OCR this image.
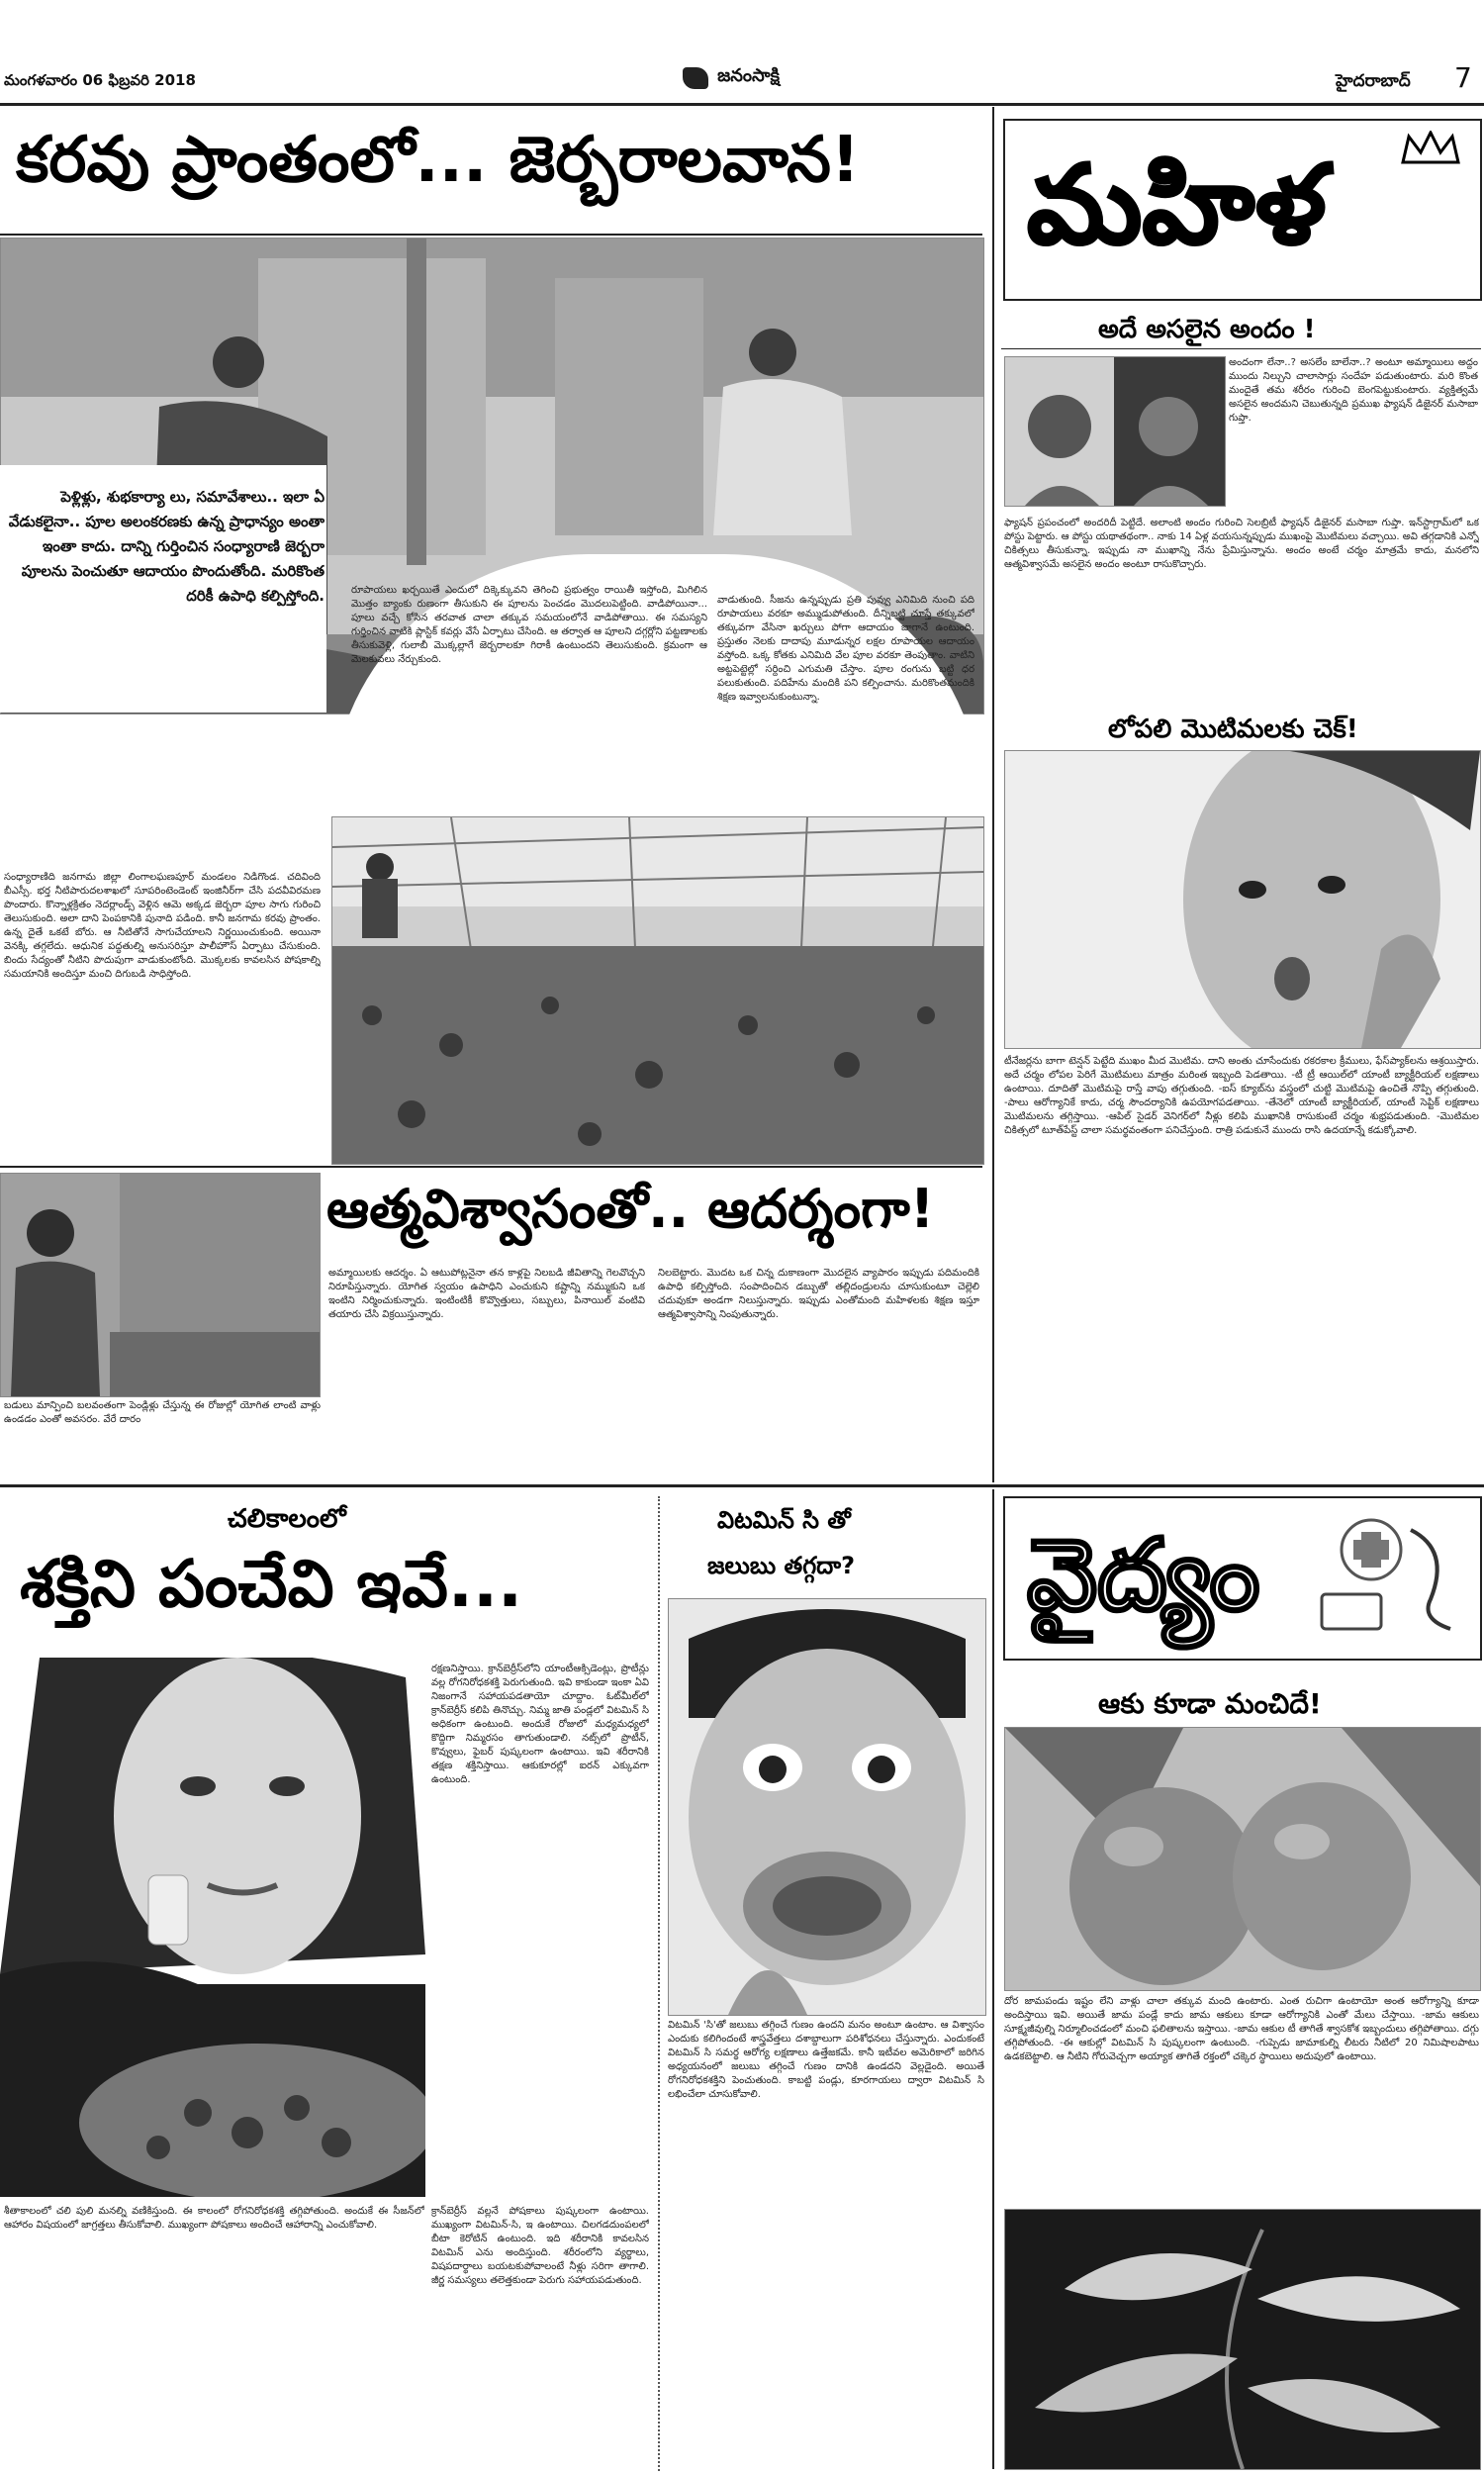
మంగళవారం 06 ఫిబ్రవరి 2018	జనంసాక్షి	హైదరాబాద్ 7
కరవు ప్రాంతంలో... జెర్బరాలవాన!
పెళ్లిళ్లు, శుభకార్యా లు, సమావేశాలు.. ఇలా ఏ వేడుకలైనా.. పూల అలంకరణకు ఉన్న ప్రాధాన్యం అంతా ఇంతా కాదు. దాన్ని గుర్తించిన సంధ్యారాణి జెర్బరా పూలను పెంచుతూ ఆదాయం పొందుతోంది. మరికొంత దరికీ ఉపాధి కల్పిస్తోంది.	రూపాయలు ఖర్చయితే ఎందులో దిక్కెక్కువని తెగించి ప్రభుత్వం రాయితీ ఇస్తోంది, మిగిలిన మొత్తం బ్యాంకు రుణంగా తీసుకుని ఈ పూలను పెంచడం మొదలుపెట్టింది. వాడిపోయినా... పూలు వచ్చే కోసిన తరవాత చాలా తక్కువ సమయంలోనే వాడిపోతాయి. ఈ సమస్యని గుర్తించిన వాటికి ప్లాస్టిక్ కవర్లు వేసే ఏర్పాటు చేసింది. ఆ తర్వాత ఆ పూలని దగ్గర్లోని పట్టణాలకు తీసుకువెళ్లి, గులాబీ మొక్కల్లాగే జెర్బరాలకూ గిరాకీ ఉంటుందని తెలుసుకుంది. క్రమంగా ఆ మెలకువలు నేర్చుకుంది.
వాడుతుంది. సీజను ఉన్నప్పుడు ప్రతి పువ్వు ఎనిమిది నుంచి పది రూపాయలు వరకూ అమ్ముడుపోతుంది. దీన్నిబట్టి చూస్తే తక్కువలో తక్కువగా వేసినా ఖర్చులు పోగా ఆదాయం బాగానే ఉంటుంది. ప్రస్తుతం నెలకు దాదాపు మూడున్నర లక్షల రూపాయల ఆదాయం వస్తోంది. ఒక్క కోతకు ఎనిమిది వేల పూల వరకూ తెంపుతాం. వాటిని అట్టపెట్టెల్లో సర్దించి ఎగుమతి చేస్తాం. పూల రంగును బట్టి ధర పలుకుతుంది. పదిహేను మందికి పని కల్పించాను. మరికొంతమందికి శిక్షణ ఇవ్వాలనుకుంటున్నా.
సంధ్యారాణిది జనగామ జిల్లా లింగాలఘణపూర్ మండలం నిడిగొండ. చదివింది బీఎస్సీ. భర్త నీటిపారుదలశాఖలో సూపరింటెండెంట్ ఇంజినీర్‌గా చేసి పదవీవిరమణ పొందారు. కొన్నాళ్లక్రితం నెదర్లాండ్స్ వెళ్లిన ఆమె అక్కడ జెర్బరా పూల సాగు గురించి తెలుసుకుంది. అలా దాని పెంపకానికి పునాది పడింది. కానీ జనగామ కరవు ప్రాంతం. ఉన్న దైతే ఒకటే బోరు. ఆ నీటితోనే సాగుచేయాలని నిర్ణయించుకుంది. అయినా వెనక్కి తగ్గలేదు. ఆధునిక పద్ధతుల్ని అనుసరిస్తూ పాలీహౌస్ ఏర్పాటు చేసుకుంది. బిందు సేద్యంతో నీటిని పొదుపుగా వాడుకుంటోంది. మొక్కలకు కావలసిన పోషకాల్ని సమయానికి అందిస్తూ మంచి దిగుబడి సాధిస్తోంది.
ఆత్మవిశ్వాసంతో.. ఆదర్శంగా!
అమ్మాయిలకు ఆదర్శం. ఏ ఆటుపోట్లనైనా తన కాళ్లపై నిలబడి జీవితాన్ని గెలవొచ్చని నిరూపిస్తున్నారు. యోగిత స్వయం ఉపాధిని ఎంచుకుని కష్టాన్ని నమ్ముకుని ఒక ఇంటిని నిర్మించుకున్నారు. ఇంటింటికీ కొవ్వొత్తులు, సబ్బులు, పినాయిల్ వంటివి తయారు చేసి విక్రయిస్తున్నారు.
నిలబెట్టారు. మొదట ఒక చిన్న దుకాణంగా మొదలైన వ్యాపారం ఇప్పుడు పదిమందికి ఉపాధి కల్పిస్తోంది. సంపాదించిన డబ్బుతో తల్లిదండ్రులను చూసుకుంటూ చెల్లెలి చదువుకూ అండగా నిలుస్తున్నారు. ఇప్పుడు ఎంతోమంది మహిళలకు శిక్షణ ఇస్తూ ఆత్మవిశ్వాసాన్ని నింపుతున్నారు.
బడులు మాన్పించి బలవంతంగా పెండ్లిళ్లు చేస్తున్న ఈ రోజుల్లో యోగిత లాంటి వాళ్లు ఉండడం ఎంతో అవసరం. వేరే దారం
మహిళ
అదే అసలైన అందం !
అందంగా లేనా..? అసలేం బాలేనా..? అంటూ అమ్మాయిలు అద్దం ముందు నిల్చుని చాలాసార్లు సందేహ పడుతుంటారు. మరి కొంత మందైతే తమ శరీరం గురించి బెంగపెట్టుకుంటారు. వ్యక్తిత్వమే అసలైన అందమని చెబుతున్నది ప్రముఖ ఫ్యాషన్ డిజైనర్ మసాబా గుప్తా.
ఫ్యాషన్ ప్రపంచంలో అందరిదీ పెట్టిదే. అలాంటి అందం గురించి సెలబ్రిటీ ఫ్యాషన్ డిజైనర్ మసాబా గుప్తా. ఇన్‌స్టాగ్రామ్‌లో ఒక పోస్టు పెట్టారు. ఆ పోస్టు యథాతథంగా.. నాకు 14 ఏళ్ల వయసున్నప్పుడు ముఖంపై మొటిమలు వచ్చాయి. అవి తగ్గడానికి ఎన్నో చికిత్సలు తీసుకున్నా. ఇప్పుడు నా ముఖాన్ని నేను ప్రేమిస్తున్నాను. అందం అంటే చర్మం మాత్రమే కాదు, మనలోని ఆత్మవిశ్వాసమే అసలైన అందం అంటూ రాసుకొచ్చారు.
లోపలి మొటిమలకు చెక్!
టీనేజర్లను బాగా టెన్షన్ పెట్టేది ముఖం మీద మొటిమ. దాని అంతు చూసేందుకు రకరకాల క్రీములు, ఫేస్‌ప్యాక్‌లను ఆశ్రయిస్తారు. అదే చర్మం లోపల పెరిగే మొటిమలు మాత్రం మరింత ఇబ్బంది పెడతాయి. -టీ ట్రీ ఆయిల్‌లో యాంటీ బ్యాక్టీరియల్ లక్షణాలు ఉంటాయి. దూదితో మొటిమపై రాస్తే వాపు తగ్గుతుంది. -ఐస్ క్యూబ్‌ను వస్త్రంలో చుట్టి మొటిమపై ఉంచితే నొప్పి తగ్గుతుంది. -పాలు ఆరోగ్యానికే కాదు, చర్మ సౌందర్యానికి ఉపయోగపడతాయి. -తేనెలో యాంటీ బ్యాక్టీరియల్, యాంటీ సెప్టిక్ లక్షణాలు మొటిమలను తగ్గిస్తాయి. -ఆపిల్ సైడర్ వెనిగర్‌లో నీళ్లు కలిపి ముఖానికి రాసుకుంటే చర్మం శుభ్రపడుతుంది. -మొటిమల చికిత్సలో టూత్‌పేస్ట్ చాలా సమర్థవంతంగా పనిచేస్తుంది. రాత్రి పడుకునే ముందు రాసి ఉదయాన్నే కడుక్కోవాలి.
చలికాలంలో
శక్తిని పంచేవి ఇవే...
రక్షణనిస్తాయి. క్రాన్‌బెర్రీస్‌లోని యాంటీఆక్సిడెంట్లు, ప్రొటీన్లు వల్ల రోగనిరోధకశక్తి పెరుగుతుంది. ఇవి కాకుండా ఇంకా ఏవి నిజంగానే సహాయపడతాయో చూద్దాం. ఓట్‌మీల్‌లో క్రాన్‌బెర్రీస్ కలిపి తినొచ్చు. నిమ్మ జాతి పండ్లలో విటమిన్ సి అధికంగా ఉంటుంది. అందుకే రోజులో మధ్యమధ్యలో కొద్దిగా నిమ్మరసం తాగుతుండాలి. నట్స్‌లో ప్రొటీన్, కొవ్వులు, ఫైబర్ పుష్కలంగా ఉంటాయి. ఇవి శరీరానికి తక్షణ శక్తినిస్తాయి. ఆకుకూరల్లో ఐరన్ ఎక్కువగా ఉంటుంది.
శీతాకాలంలో చలి పులి మనల్ని వణికిస్తుంది. ఈ కాలంలో రోగనిరోధకశక్తి తగ్గిపోతుంది. అందుకే ఈ సీజన్‌లో ఆహారం విషయంలో జాగ్రత్తలు తీసుకోవాలి. ముఖ్యంగా పోషకాలు అందించే ఆహారాన్ని ఎంచుకోవాలి.
క్రాన్‌బెర్రీస్ వల్లనే పోషకాలు పుష్కలంగా ఉంటాయి. ముఖ్యంగా విటమిన్-సి, ఇ ఉంటాయి. చిలగడదుంపలలో బీటా కెరోటిన్ ఉంటుంది. ఇది శరీరానికి కావలసిన విటమిన్ ఎను అందిస్తుంది. శరీరంలోని వ్యర్థాలు, విషపదార్థాలు బయటకుపోవాలంటే నీళ్లు సరిగా తాగాలి. జీర్ణ సమస్యలు తలెత్తకుండా పెరుగు సహాయపడుతుంది.
విటమిన్ సి తో
జలుబు తగ్గదా?
విటమిన్ 'సి'తో జలుబు తగ్గించే గుణం ఉందని మనం అంటూ ఉంటాం. ఆ విశ్వాసం ఎందుకు కలిగిందంటే శాస్త్రవేత్తలు దశాబ్దాలుగా పరిశోధనలు చేస్తున్నారు. ఎందుకంటే విటమిన్ సి సమర్థ ఆరోగ్య లక్షణాలు ఉత్తేజకమే. కానీ ఇటీవల అమెరికాలో జరిగిన అధ్యయనంలో జలుబు తగ్గించే గుణం దానికి ఉండదని వెల్లడైంది. అయితే రోగనిరోధకశక్తిని పెంచుతుంది. కాబట్టి పండ్లు, కూరగాయలు ద్వారా విటమిన్ సి లభించేలా చూసుకోవాలి.
వైద్యం
ఆకు కూడా మంచిదే!
దోర జామపండు ఇష్టం లేని వాళ్లు చాలా తక్కువ మంది ఉంటారు. ఎంత రుచిగా ఉంటాయో అంత ఆరోగ్యాన్ని కూడా అందిస్తాయి ఇవి. అయితే జామ పండ్లే కాదు జామ ఆకులు కూడా ఆరోగ్యానికి ఎంతో మేలు చేస్తాయి. -జామ ఆకులు సూక్ష్మజీవుల్ని నిర్మూలించడంలో మంచి ఫలితాలను ఇస్తాయి. -జామ ఆకుల టీ తాగితే శ్వాసకోశ ఇబ్బందులు తగ్గిపోతాయి. దగ్గు తగ్గిపోతుంది. -ఈ ఆకుల్లో విటమిన్ సి పుష్కలంగా ఉంటుంది. -గుప్పెడు జామాకుల్ని లీటరు నీటిలో 20 నిమిషాలపాటు ఉడకబెట్టాలి. ఆ నీటిని గోరువెచ్చగా అయ్యాక తాగితే రక్తంలో చక్కెర స్థాయిలు అదుపులో ఉంటాయి.
